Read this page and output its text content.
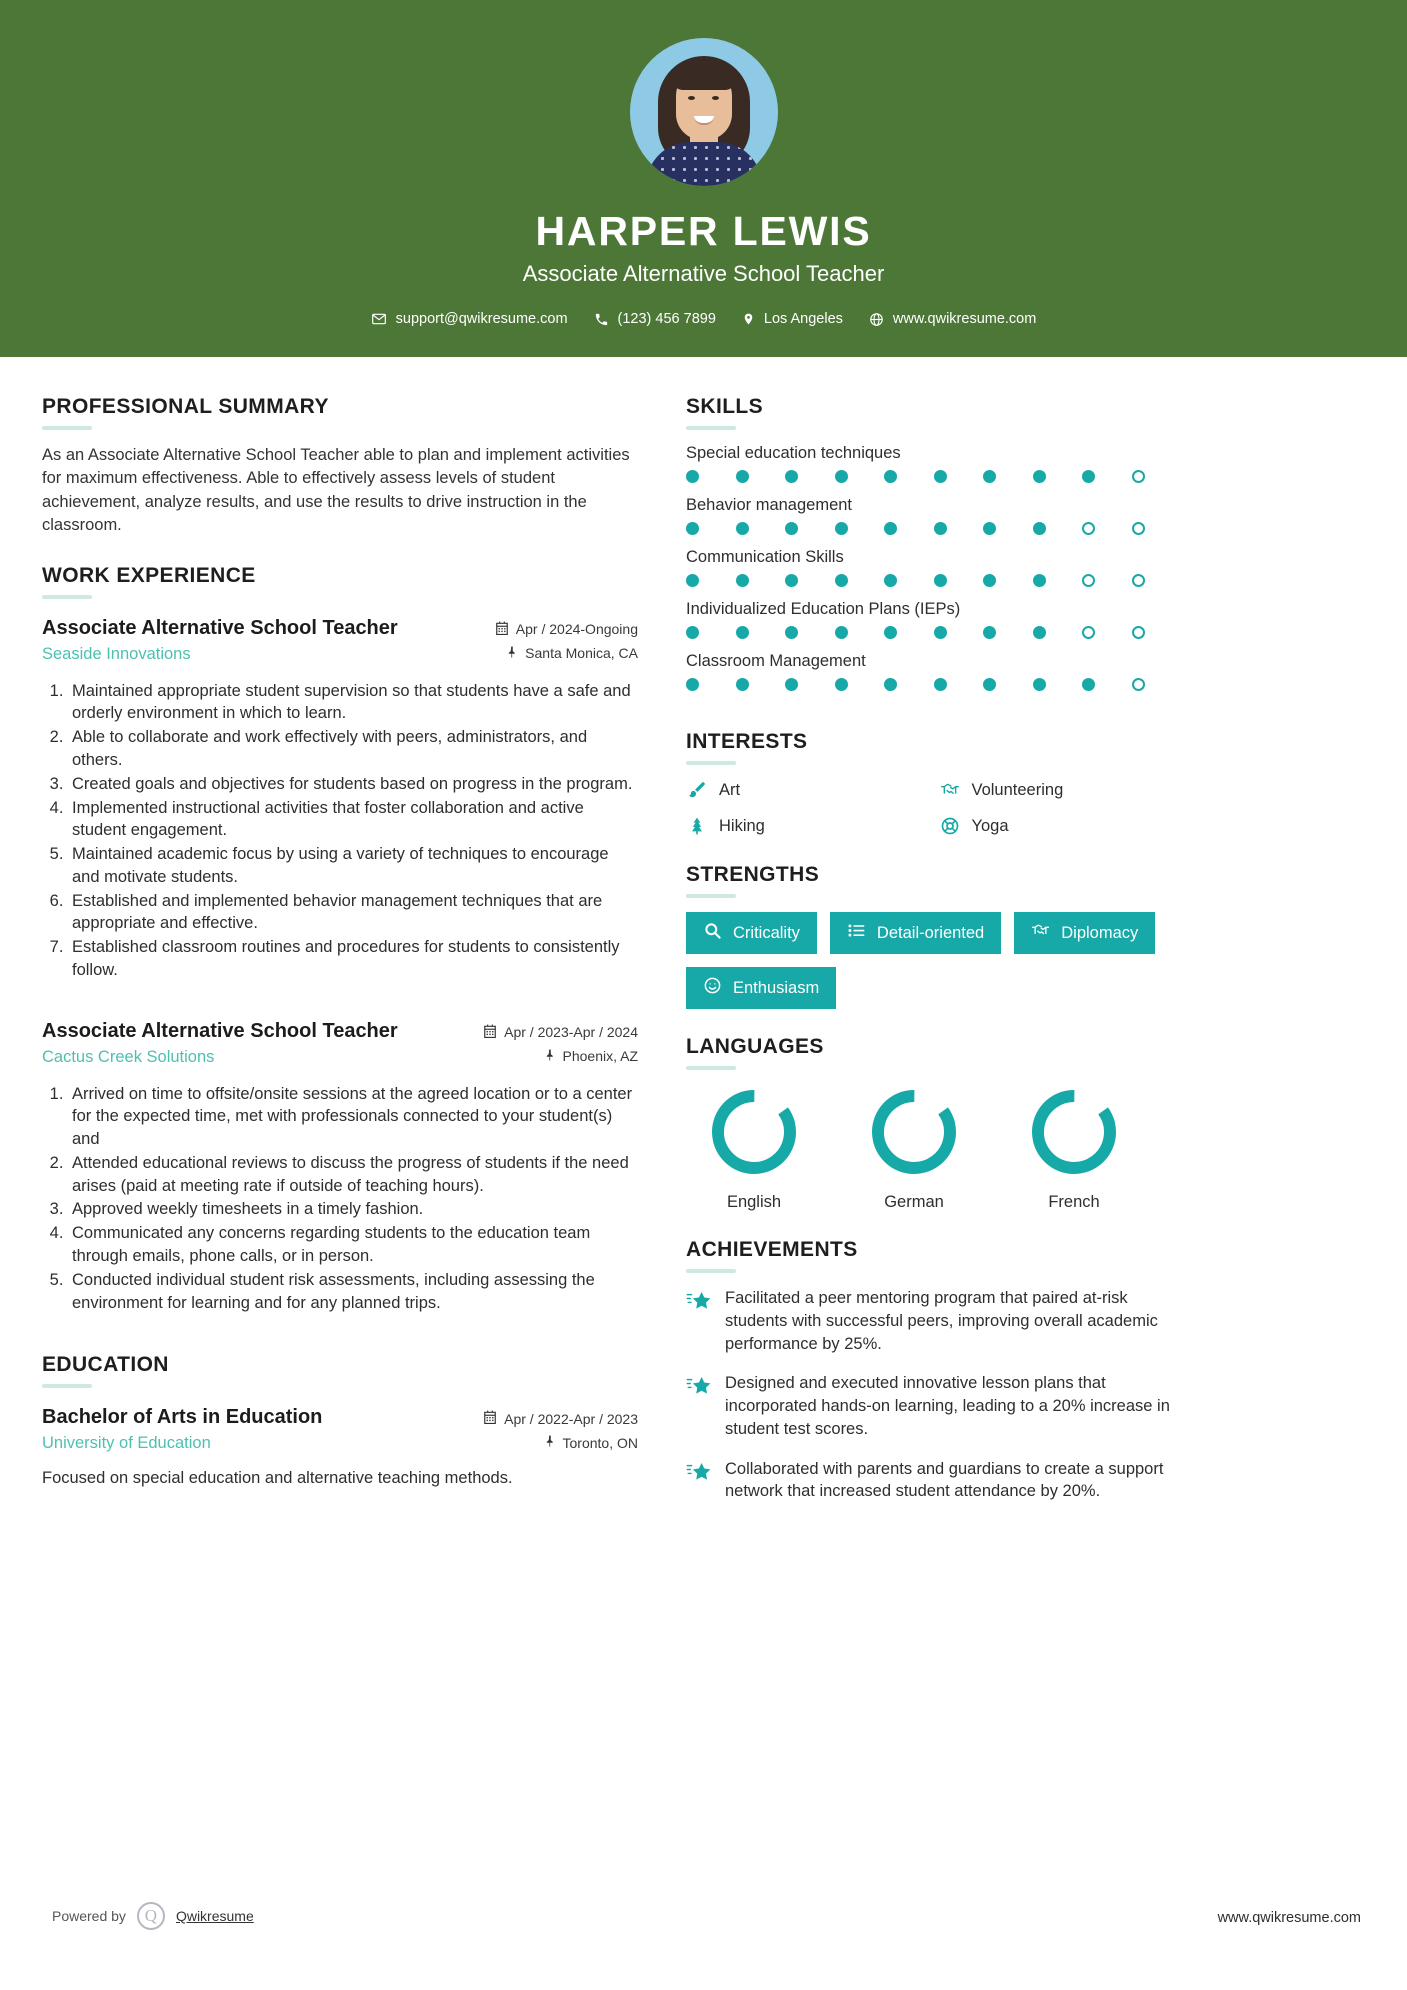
HARPER LEWIS
Associate Alternative School Teacher
support@qwikresume.com	(123) 456 7899	Los Angeles	www.qwikresume.com
PROFESSIONAL SUMMARY

As an Associate Alternative School Teacher able to plan and implement activities for maximum effectiveness. Able to effectively assess levels of student achievement, analyze results, and use the results to drive instruction in the classroom.

WORK EXPERIENCE
Associate Alternative School Teacher
Seaside Innovations
Apr / 2024-Ongoing
Santa Monica, CA
1. Maintained appropriate student supervision so that students have a safe and orderly environment in which to learn.
2. Able to collaborate and work effectively with peers, administrators, and others.
3. Created goals and objectives for students based on progress in the program.
4. Implemented instructional activities that foster collaboration and active student engagement.
5. Maintained academic focus by using a variety of techniques to encourage and motivate students.
6. Established and implemented behavior management techniques that are appropriate and effective.
7. Established classroom routines and procedures for students to consistently follow.
Associate Alternative School Teacher
Cactus Creek Solutions
Apr / 2023-Apr / 2024
Phoenix, AZ
1. Arrived on time to offsite/onsite sessions at the agreed location or to a center for the expected time, met with professionals connected to your student(s) and
2. Attended educational reviews to discuss the progress of students if the need arises (paid at meeting rate if outside of teaching hours).
3. Approved weekly timesheets in a timely fashion.
4. Communicated any concerns regarding students to the education team through emails, phone calls, or in person.
5. Conducted individual student risk assessments, including assessing the environment for learning and for any planned trips.
EDUCATION
Bachelor of Arts in Education
University of Education
Apr / 2022-Apr / 2023
Toronto, ON
Focused on special education and alternative teaching methods.
SKILLS
Special education techniques
Behavior management
Communication Skills
Individualized Education Plans (IEPs)
Classroom Management
INTERESTS
Art	Volunteering
Hiking	Yoga
STRENGTHS
Criticality	Detail-oriented	Diplomacy
Enthusiasm
LANGUAGES
English	German	French
ACHIEVEMENTS
Facilitated a peer mentoring program that paired at-risk students with successful peers, improving overall academic performance by 25%.
Designed and executed innovative lesson plans that incorporated hands-on learning, leading to a 20% increase in student test scores.
Collaborated with parents and guardians to create a support network that increased student attendance by 20%.
Powered by	Q	Qwikresume	www.qwikresume.com
